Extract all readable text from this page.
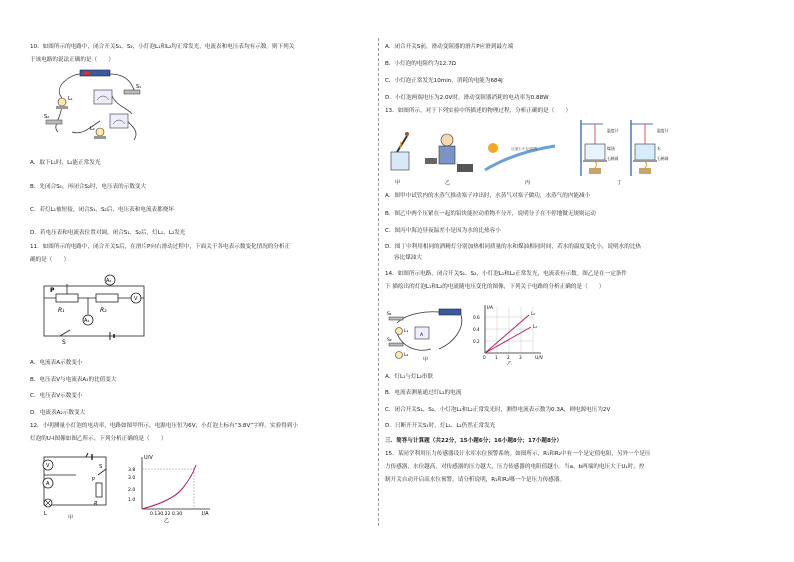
10．如图所示的电路中，闭合开关S₁、S₂，小灯泡L₁和L₂均正常发光，电流表和电压表均有示数。则下列关
于该电路的说法正确的是（　　）
L₁
S₁
S₂
L₂
A．取下L₁时，L₂能正常发光
B．先闭合S₁，再闭合S₂时，电压表的示数变大
C．若灯L₁被短接，闭合S₁、S₂后，电压表和电流表都烧坏
D．若电压表和电流表位置对调，闭合S₁、S₂后，灯L₁、L₂发光
11．如图所示的电路中，闭合开关S后，在滑片P向右滑动过程中，下面关于各电表示数变化情况的分析正
确的是（　　）
A₂
P
R₁	R₂
V
A₁
S
A．电流表A示数变小
B．电压表V与电流表A₁的比值变大
C．电压表V示数变小
D．电流表A₂示数变大
12．小明测量小灯泡的电功率，电路如图甲所示，电源电压恒为6V，小灯泡上标有“3.8V”字样。实验得到小
灯泡的U-I图像如图乙所示。下列分析正确的是（　　）
V
A
S
P
R
L
甲
U/V
I/A
3.8
3.0
2.0
1.0
0.130.22 0.30
乙
A．闭合开关S前，滑动变阻器的滑片P应滑到最左端
B．小灯泡的电阻约为12.7Ω
C．小灯泡正常发光10min，消耗的电能为684J
D．小灯泡两端电压为2.0V时，滑动变阻器消耗的电功率为0.88W
13．如图所示，对于下列实验中所描述的物理过程，分析正确的是（　　）
甲	乙
压缩引火仪/烟雾
丙
温度计
煤油
石棉网
温度计
水
石棉网
丁
A．图甲中试管内的水蒸气推动塞子冲出时，水蒸气对塞子做功，水蒸气的内能减小
B．图乙中两个压紧在一起的铅块能拉动重物不分开，说明分子在不停地做无规则运动
C．图丙中海边昼夜温差小是因为水的比热容小
D．图丁中利用相同的酒精灯分别加热相同质量的水和煤油相同时间，若水的温度变化小，说明水的比热
容比煤油大
14．如图所示电路，闭合开关S₁、S₂，小灯泡L₁和L₂正常发光，电流表有示数。图乙是在一定条件
下 描绘出的灯泡L₁和L₂的电流随电压变化的图像，下列关于电路的分析正确的是（　　）
S₁
L₁
A
S₂
L₂
甲
I/A
U/V
0.6
0.4
0.2
0 1 2 3
L₁
L₂
乙
A．灯L₁与灯L₂串联
B．电流表测量通过灯L₂的电流
C．闭合开关S₁、S₂，小灯泡L₁和L₂正常发光时，测得电流表示数为0.3A，则电源电压为2V
D．只断开开关S₁时，灯L₁、L₂仍然正常发光
三．简答与计算题（共22分，15小题6分；16小题8分；17小题8分）
15．某同学利用压力传感器设计水库水位预警系统。如图所示，R₁和R₂中有一个是定值电阻，另外一个是压
力传感器，水位越高，对传感器的压力越大，压力传感器的电阻值越小。当a、b两端的电压大于U₁时，控
制开关自动开启高水位预警。请分析说明，R₁和R₂哪一个是压力传感器。
